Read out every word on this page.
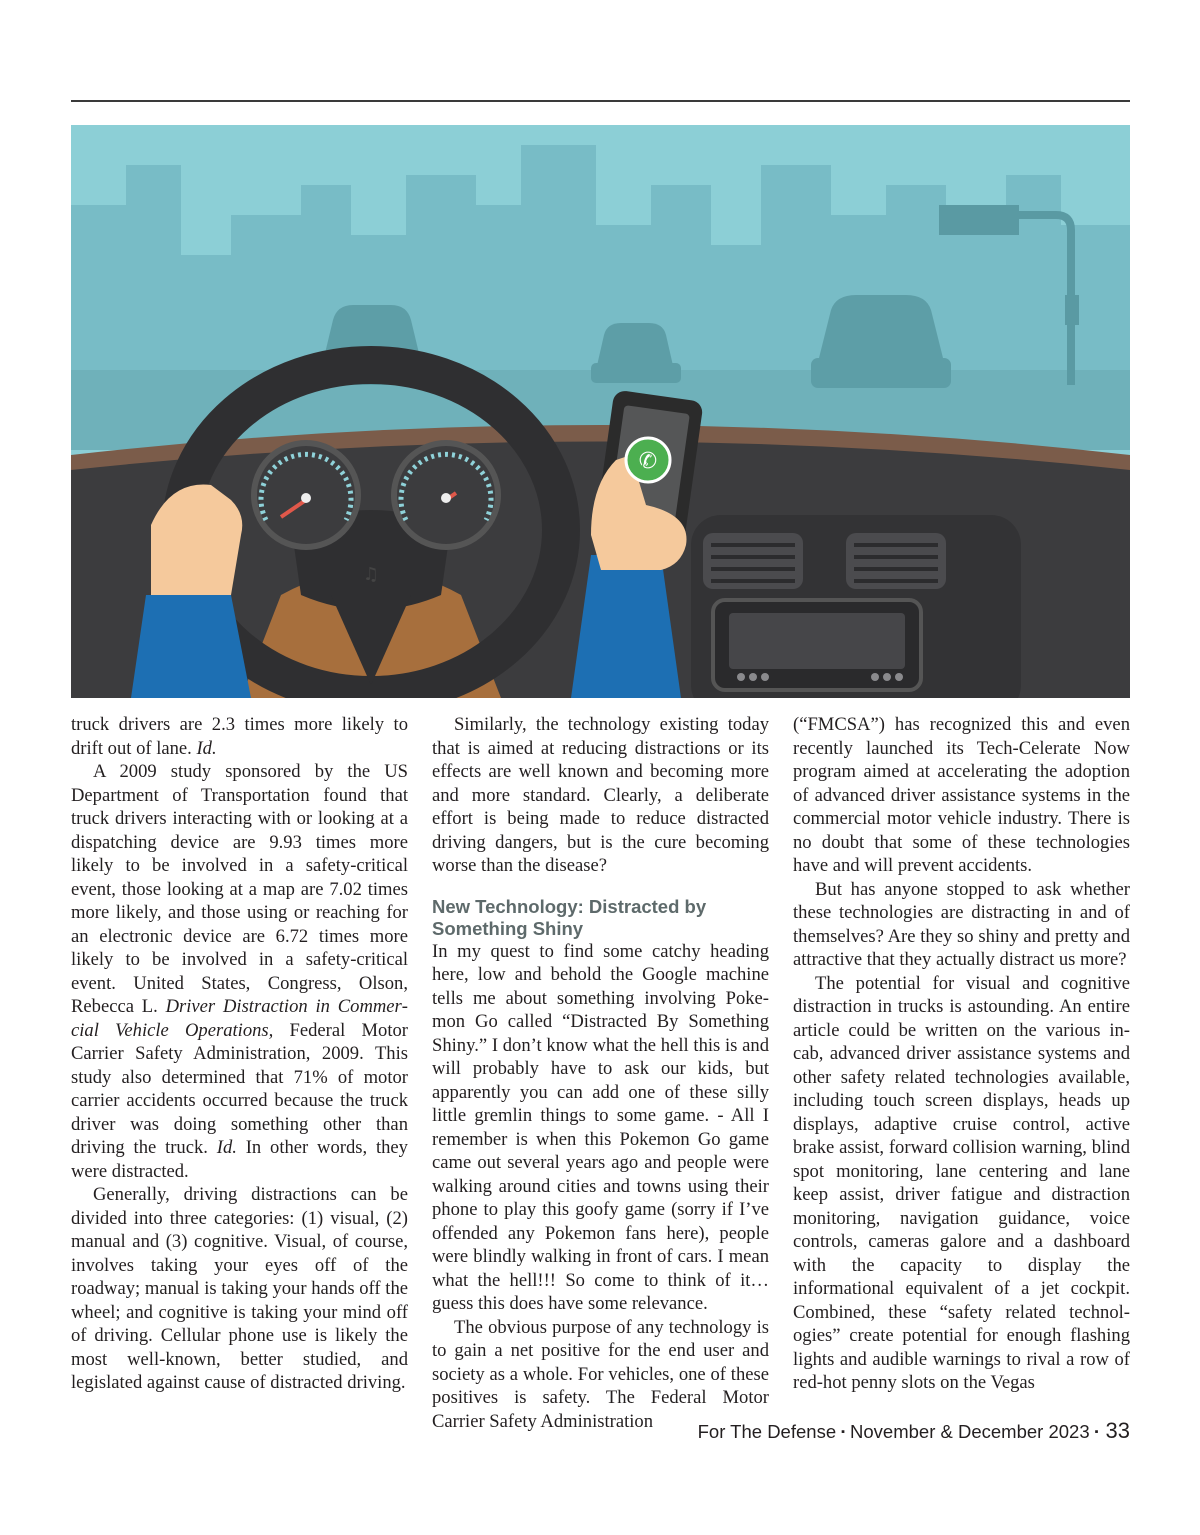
♫
✆

truck drivers are 2.3 times more likely to drift out of lane. Id.

A 2009 study sponsored by the US Department of Transportation found that truck drivers interacting with or looking at a dispatching device are 9.93 times more likely to be involved in a safety-critical event, those looking at a map are 7.02 times more likely, and those using or reaching for an electronic device are 6.72 times more likely to be involved in a safety-critical event. United States, Congress, Olson, Rebecca L. Driver Distraction in Commercial Vehicle Operations, Federal Motor Carrier Safety Administration, 2009. This study also determined that 71% of motor carrier accidents occurred because the truck driver was doing something other than driving the truck. Id. In other words, they were distracted.

Generally, driving distractions can be divided into three categories: (1) visual, (2) manual and (3) cognitive. Visual, of course, involves taking your eyes off of the roadway; manual is taking your hands off the wheel; and cognitive is taking your mind off of driving. Cellular phone use is likely the most well-known, better studied, and legislated against cause of distracted driving.

Similarly, the technology existing today that is aimed at reducing distractions or its effects are well known and becoming more and more standard. Clearly, a deliberate effort is being made to reduce distracted driving dangers, but is the cure becoming worse than the disease?

New Technology: Distracted by Something Shiny

In my quest to find some catchy heading here, low and behold the Google machine tells me about something involving Pokemon Go called “Distracted By Something Shiny.” I don’t know what the hell this is and will probably have to ask our kids, but apparently you can add one of these silly little gremlin things to some game. - All I remember is when this Pokemon Go game came out several years ago and people were walking around cities and towns using their phone to play this goofy game (sorry if I’ve offended any Pokemon fans here), people were blindly walking in front of cars. I mean what the hell!!! So come to think of it…guess this does have some relevance.

The obvious purpose of any technology is to gain a net positive for the end user and society as a whole. For vehicles, one of these positives is safety. The Federal Motor Carrier Safety Administration

(“FMCSA”) has recognized this and even recently launched its Tech-Celerate Now program aimed at accelerating the adoption of advanced driver assistance systems in the commercial motor vehicle industry. There is no doubt that some of these technologies have and will prevent accidents.

But has anyone stopped to ask whether these technologies are distracting in and of themselves? Are they so shiny and pretty and attractive that they actually distract us more?

The potential for visual and cognitive distraction in trucks is astounding. An entire article could be written on the various in-cab, advanced driver assistance systems and other safety related technologies available, including touch screen displays, heads up displays, adaptive cruise control, active brake assist, forward collision warning, blind spot monitoring, lane centering and lane keep assist, driver fatigue and distraction monitoring, navigation guidance, voice controls, cameras galore and a dashboard with the capacity to display the informational equivalent of a jet cockpit. Combined, these “safety related technologies” create potential for enough flashing lights and audible warnings to rival a row of red-hot penny slots on the Vegas

For The Defense ▪ November & December 2023 ▪ 33
